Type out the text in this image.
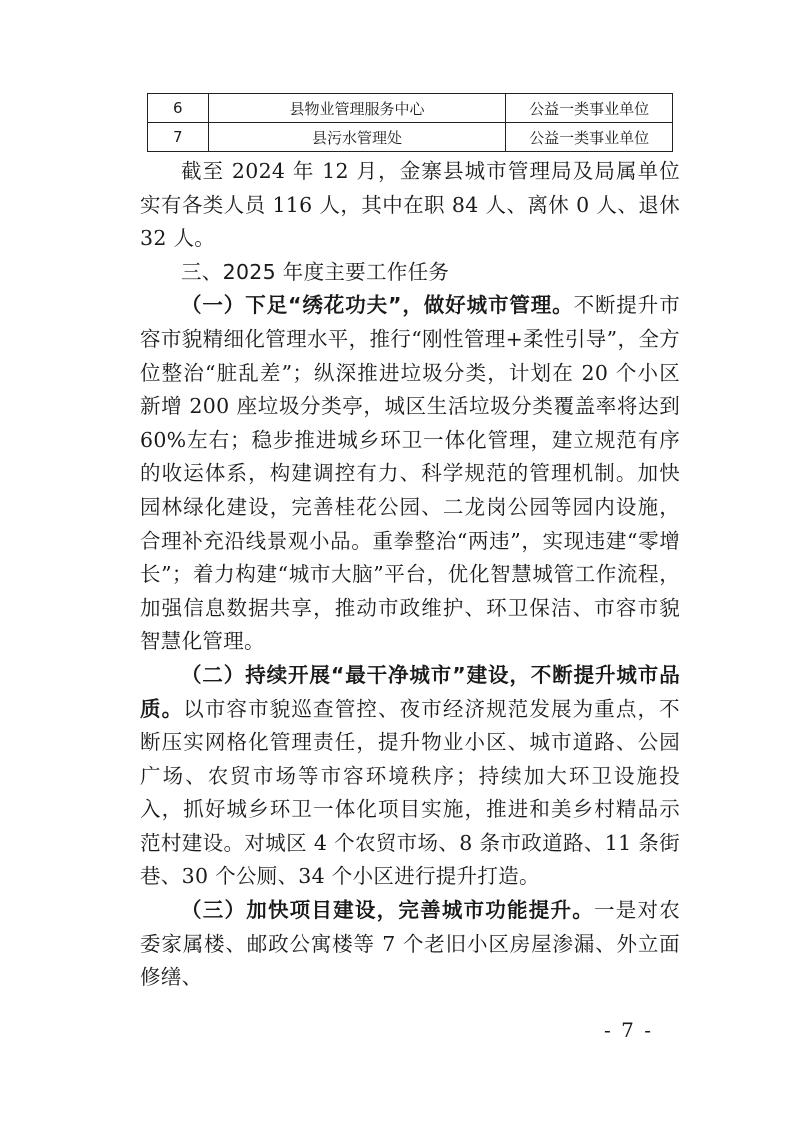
6	县物业管理服务中心	公益一类事业单位
7	县污水管理处	公益一类事业单位

截至 2024 年 12 月，金寨县城市管理局及局属单位实有各类人员 116 人，其中在职 84 人、离休 0 人、退休 32 人。

三、2025 年度主要工作任务

（一）下足“绣花功夫”，做好城市管理。不断提升市容市貌精细化管理水平，推行“刚性管理+柔性引导”，全方位整治“脏乱差”；纵深推进垃圾分类，计划在 20 个小区新增 200 座垃圾分类亭，城区生活垃圾分类覆盖率将达到 60%左右；稳步推进城乡环卫一体化管理，建立规范有序的收运体系，构建调控有力、科学规范的管理机制。加快园林绿化建设，完善桂花公园、二龙岗公园等园内设施，合理补充沿线景观小品。重拳整治“两违”，实现违建“零增长”；着力构建“城市大脑”平台，优化智慧城管工作流程，加强信息数据共享，推动市政维护、环卫保洁、市容市貌智慧化管理。

（二）持续开展“最干净城市”建设，不断提升城市品质。以市容市貌巡查管控、夜市经济规范发展为重点，不断压实网格化管理责任，提升物业小区、城市道路、公园广场、农贸市场等市容环境秩序；持续加大环卫设施投入，抓好城乡环卫一体化项目实施，推进和美乡村精品示范村建设。对城区 4 个农贸市场、8 条市政道路、11 条街巷、30 个公厕、34 个小区进行提升打造。

（三）加快项目建设，完善城市功能提升。一是对农委家属楼、邮政公寓楼等 7 个老旧小区房屋渗漏、外立面修缮、

- 7 -
